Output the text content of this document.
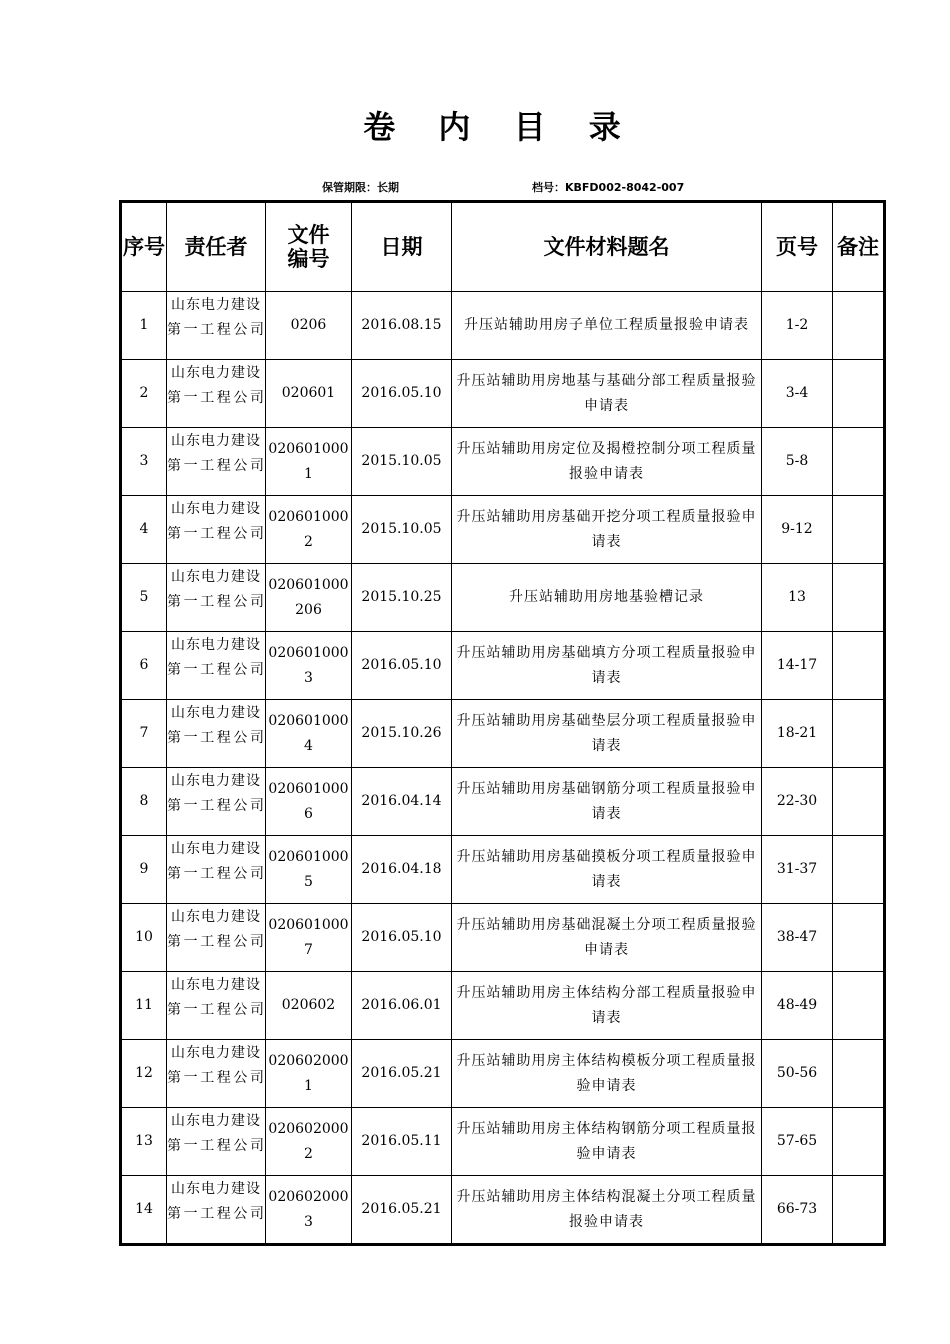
卷 内 目 录
保管期限：长期	档号：KBFD002-8042-007
序号	责任者	文件编号	日期	文件材料题名	页号	备注
1	山东电力建设第一工程公司	0206	2016.08.15	升压站辅助用房子单位工程质量报验申请表	1-2	
2	山东电力建设第一工程公司	020601	2016.05.10	升压站辅助用房地基与基础分部工程质量报验申请表	3-4	
3	山东电力建设第一工程公司	0206010001	2015.10.05	升压站辅助用房定位及揭橙控制分项工程质量报验申请表	5-8	
4	山东电力建设第一工程公司	0206010002	2015.10.05	升压站辅助用房基础开挖分项工程质量报验申请表	9-12	
5	山东电力建设第一工程公司	020601000206	2015.10.25	升压站辅助用房地基验槽记录	13	
6	山东电力建设第一工程公司	0206010003	2016.05.10	升压站辅助用房基础填方分项工程质量报验申请表	14-17	
7	山东电力建设第一工程公司	0206010004	2015.10.26	升压站辅助用房基础垫层分项工程质量报验申请表	18-21	
8	山东电力建设第一工程公司	0206010006	2016.04.14	升压站辅助用房基础钢筋分项工程质量报验申请表	22-30	
9	山东电力建设第一工程公司	0206010005	2016.04.18	升压站辅助用房基础摸板分项工程质量报验申请表	31-37	
10	山东电力建设第一工程公司	0206010007	2016.05.10	升压站辅助用房基础混凝土分项工程质量报验申请表	38-47	
11	山东电力建设第一工程公司	020602	2016.06.01	升压站辅助用房主体结构分部工程质量报验申请表	48-49	
12	山东电力建设第一工程公司	0206020001	2016.05.21	升压站辅助用房主体结构模板分项工程质量报验申请表	50-56	
13	山东电力建设第一工程公司	0206020002	2016.05.11	升压站辅助用房主体结构钢筋分项工程质量报验申请表	57-65	
14	山东电力建设第一工程公司	0206020003	2016.05.21	升压站辅助用房主体结构混凝土分项工程质量报验申请表	66-73	
